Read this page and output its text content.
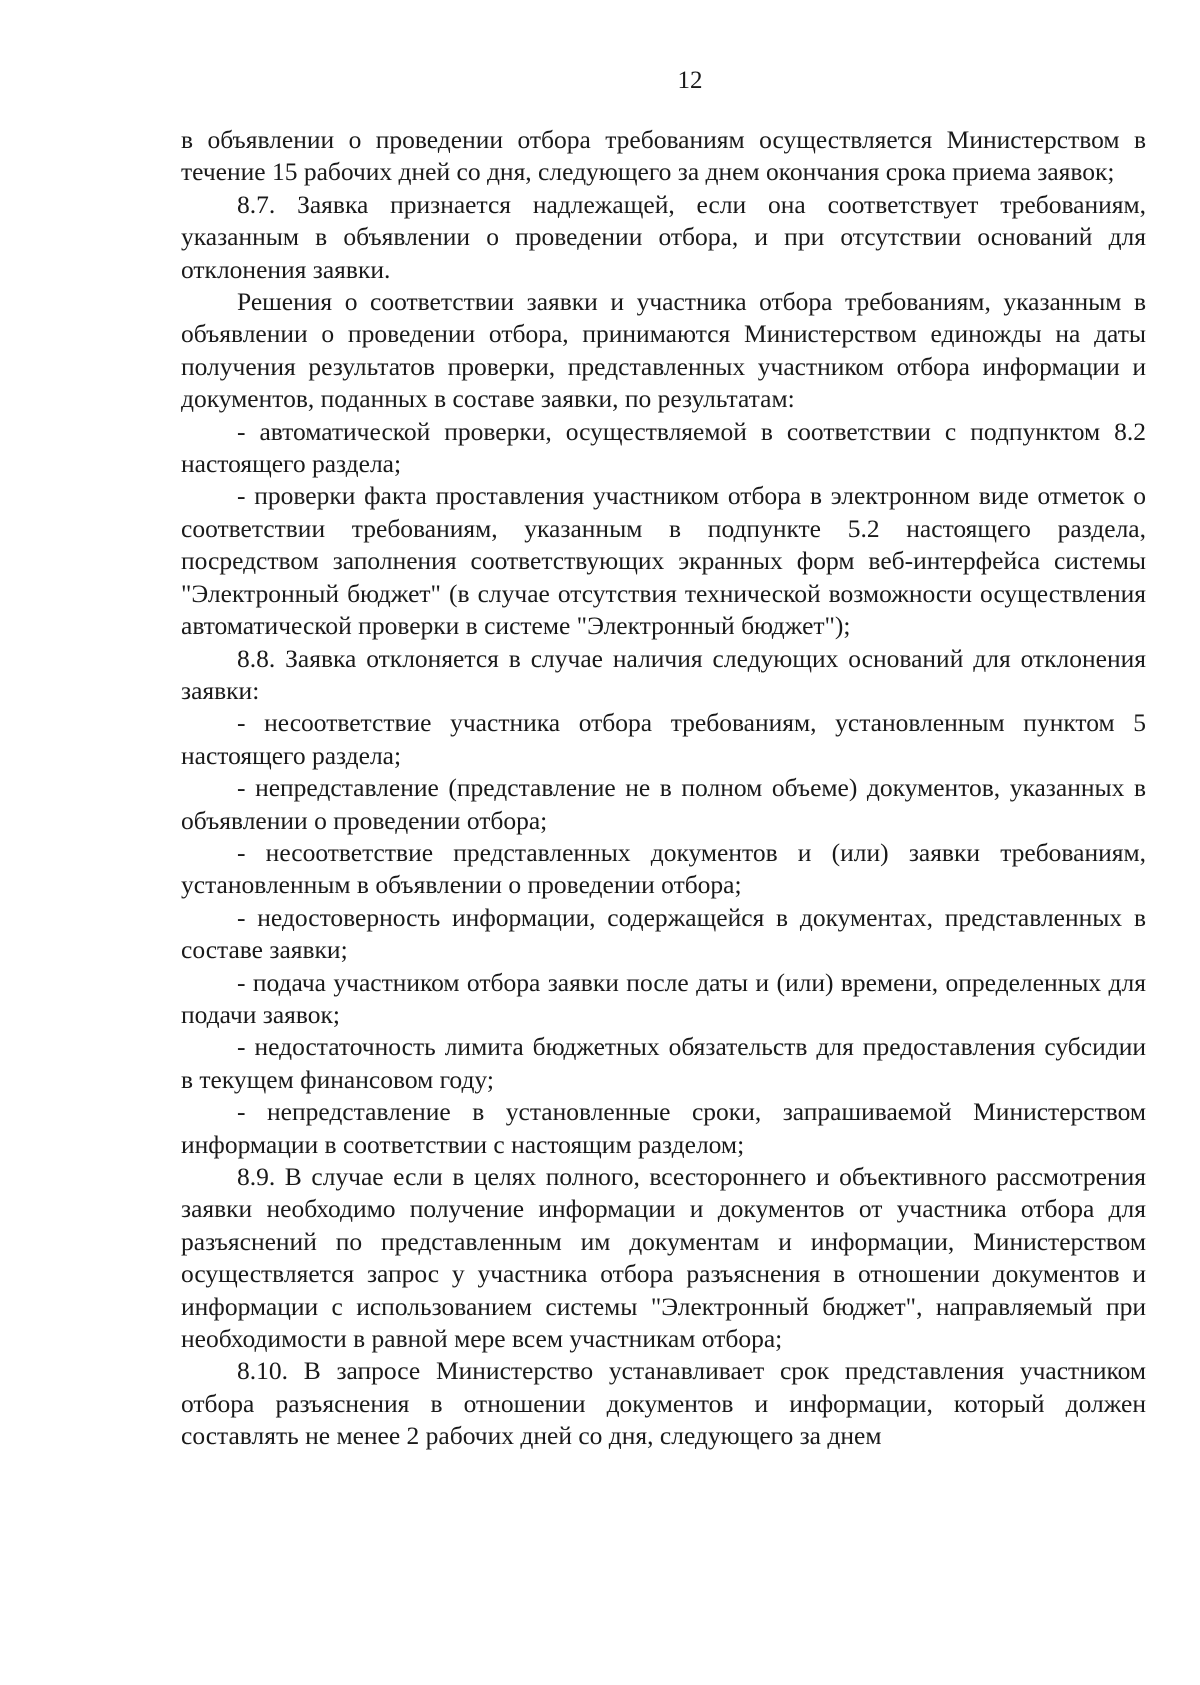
12

в объявлении о проведении отбора требованиям осуществляется Министерством в течение 15 рабочих дней со дня, следующего за днем окончания срока приема заявок;

8.7. Заявка признается надлежащей, если она соответствует требованиям, указанным в объявлении о проведении отбора, и при отсутствии оснований для отклонения заявки.

Решения о соответствии заявки и участника отбора требованиям, указанным в объявлении о проведении отбора, принимаются Министерством единожды на даты получения результатов проверки, представленных участником отбора информации и документов, поданных в составе заявки, по результатам:

- автоматической проверки, осуществляемой в соответствии с подпунктом 8.2 настоящего раздела;

- проверки факта проставления участником отбора в электронном виде отметок о соответствии требованиям, указанным в подпункте 5.2 настоящего раздела, посредством заполнения соответствующих экранных форм веб-интерфейса системы "Электронный бюджет" (в случае отсутствия технической возможности осуществления автоматической проверки в системе "Электронный бюджет");

8.8. Заявка отклоняется в случае наличия следующих оснований для отклонения заявки:

- несоответствие участника отбора требованиям, установленным пунктом 5 настоящего раздела;

- непредставление (представление не в полном объеме) документов, указанных в объявлении о проведении отбора;

- несоответствие представленных документов и (или) заявки требованиям, установленным в объявлении о проведении отбора;

- недостоверность информации, содержащейся в документах, представленных в составе заявки;

- подача участником отбора заявки после даты и (или) времени, определенных для подачи заявок;

- недостаточность лимита бюджетных обязательств для предоставления субсидии в текущем финансовом году;

- непредставление в установленные сроки, запрашиваемой Министерством информации в соответствии с настоящим разделом;

8.9. В случае если в целях полного, всестороннего и объективного рассмотрения заявки необходимо получение информации и документов от участника отбора для разъяснений по представленным им документам и информации, Министерством осуществляется запрос у участника отбора разъяснения в отношении документов и информации с использованием системы "Электронный бюджет", направляемый при необходимости в равной мере всем участникам отбора;

8.10. В запросе Министерство устанавливает срок представления участником отбора разъяснения в отношении документов и информации, который должен составлять не менее 2 рабочих дней со дня, следующего за днем
